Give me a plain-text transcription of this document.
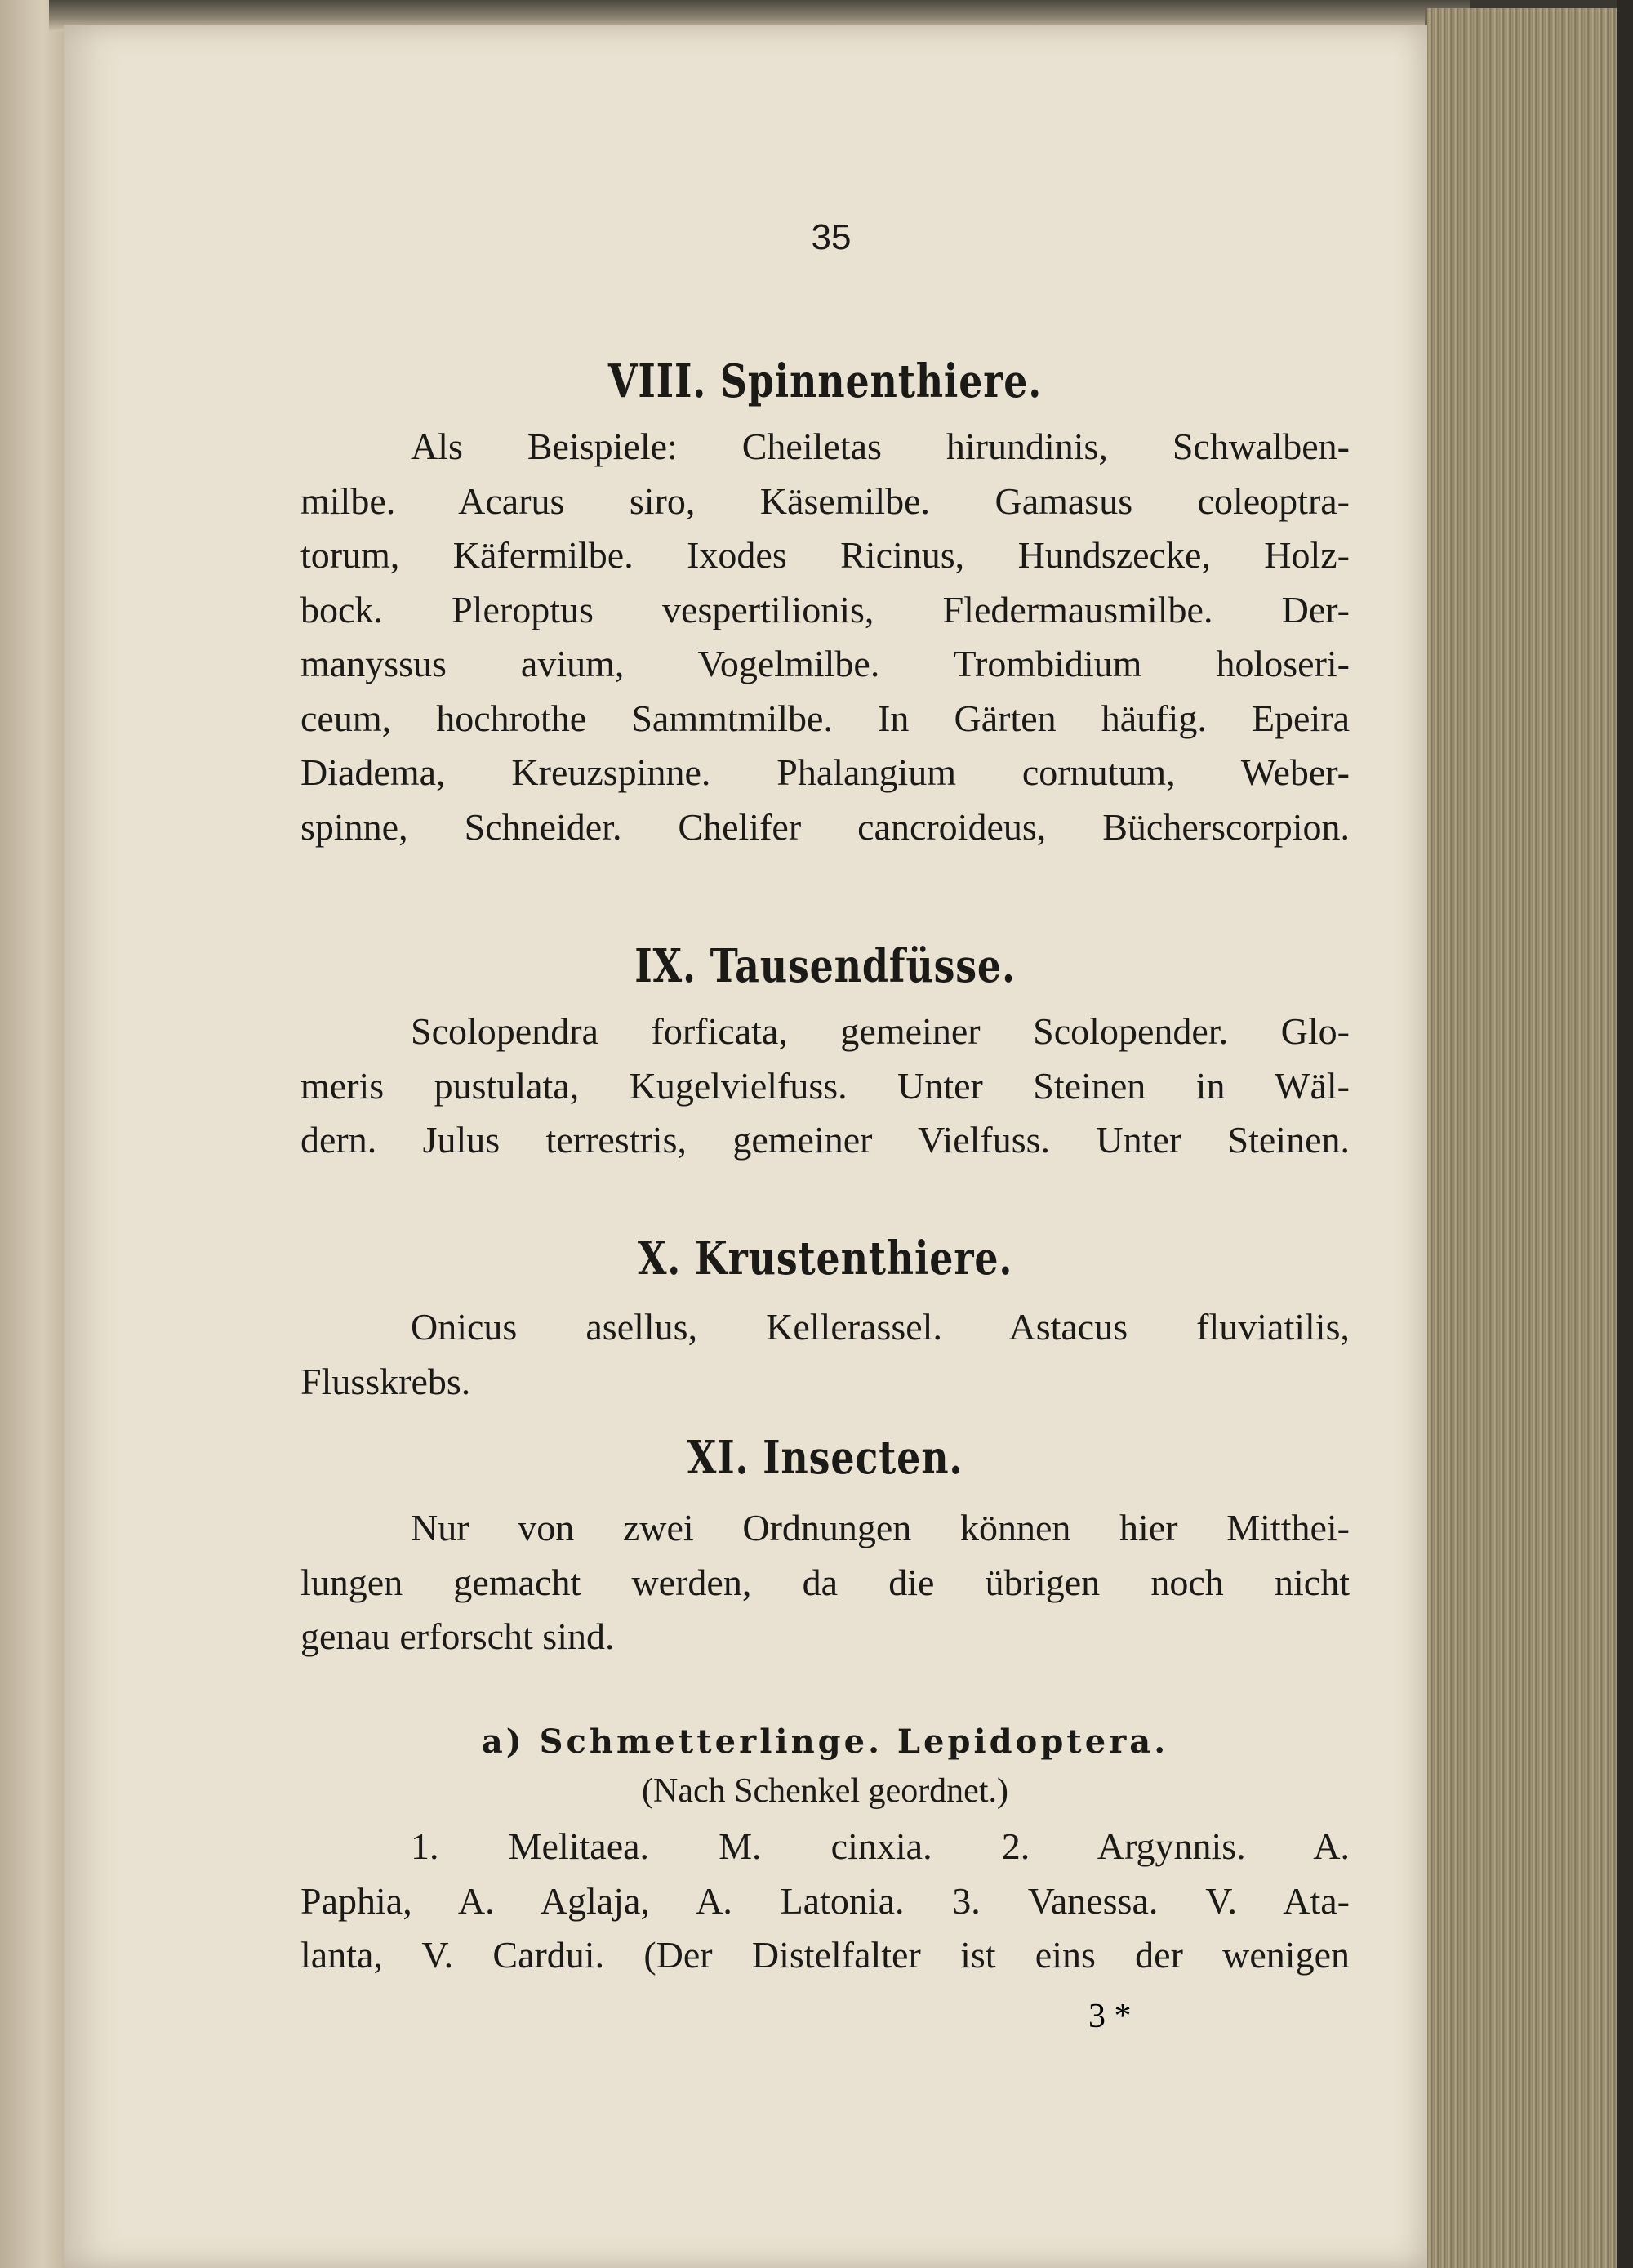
35
VIII. Spinnenthiere.
Als Beispiele: Cheiletas hirundinis, Schwalben-
milbe. Acarus siro, Käsemilbe. Gamasus coleoptra-
torum, Käfermilbe. Ixodes Ricinus, Hundszecke, Holz-
bock. Pleroptus vespertilionis, Fledermausmilbe. Der-
manyssus avium, Vogelmilbe. Trombidium holoseri-
ceum, hochrothe Sammtmilbe. In Gärten häufig. Epeira
Diadema, Kreuzspinne. Phalangium cornutum, Weber-
spinne, Schneider. Chelifer cancroideus, Bücherscorpion.
IX. Tausendfüsse.
Scolopendra forficata, gemeiner Scolopender. Glo-
meris pustulata, Kugelvielfuss. Unter Steinen in Wäl-
dern. Julus terrestris, gemeiner Vielfuss. Unter Steinen.
X. Krustenthiere.
Onicus asellus, Kellerassel. Astacus fluviatilis,
Flusskrebs.
XI. Insecten.
Nur von zwei Ordnungen können hier Mitthei-
lungen gemacht werden, da die übrigen noch nicht
genau erforscht sind.
a) Schmetterlinge. Lepidoptera.
(Nach Schenkel geordnet.)
1. Melitaea. M. cinxia. 2. Argynnis. A.
Paphia, A. Aglaja, A. Latonia. 3. Vanessa. V. Ata-
lanta, V. Cardui. (Der Distelfalter ist eins der wenigen
3 *
